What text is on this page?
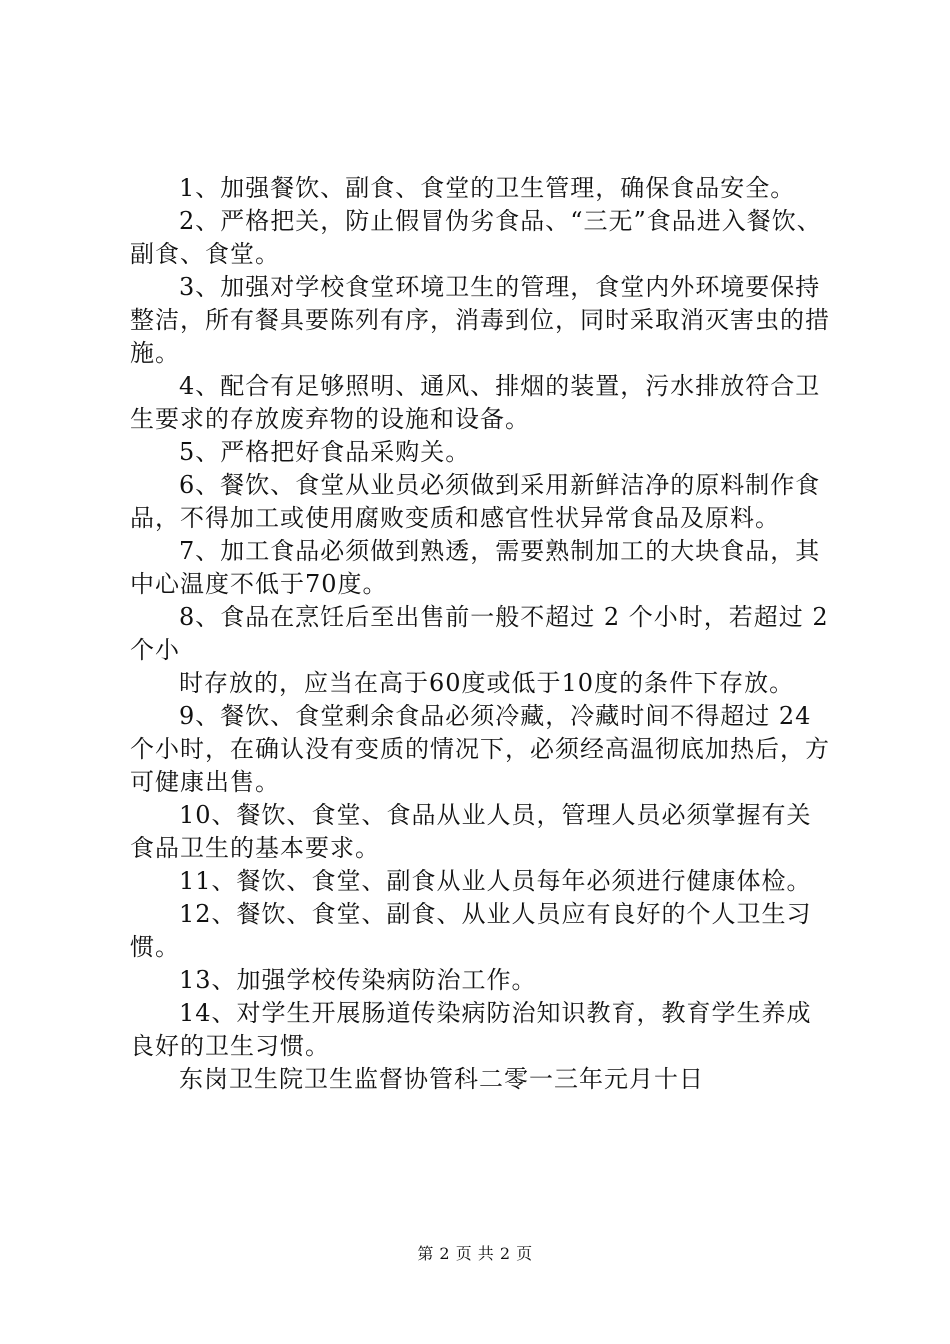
1、加强餐饮、副食、食堂的卫生管理，确保食品安全。

2、严格把关，防止假冒伪劣食品、“三无”食品进入餐饮、副食、食堂。

3、加强对学校食堂环境卫生的管理，食堂内外环境要保持整洁，所有餐具要陈列有序，消毒到位，同时采取消灭害虫的措施。

4、配合有足够照明、通风、排烟的装置，污水排放符合卫生要求的存放废弃物的设施和设备。

5、严格把好食品采购关。

6、餐饮、食堂从业员必须做到采用新鲜洁净的原料制作食品，不得加工或使用腐败变质和感官性状异常食品及原料。

7、加工食品必须做到熟透，需要熟制加工的大块食品，其中心温度不低于70度。

8、食品在烹饪后至出售前一般不超过 2 个小时，若超过 2 个小

时存放的，应当在高于60度或低于10度的条件下存放。

9、餐饮、食堂剩余食品必须冷藏，冷藏时间不得超过 24 个小时，在确认没有变质的情况下，必须经高温彻底加热后，方可健康出售。

10、餐饮、食堂、食品从业人员，管理人员必须掌握有关食品卫生的基本要求。

11、餐饮、食堂、副食从业人员每年必须进行健康体检。

12、餐饮、食堂、副食、从业人员应有良好的个人卫生习惯。

13、加强学校传染病防治工作。

14、对学生开展肠道传染病防治知识教育，教育学生养成良好的卫生习惯。

东岗卫生院卫生监督协管科二零一三年元月十日

第 2 页 共 2 页
